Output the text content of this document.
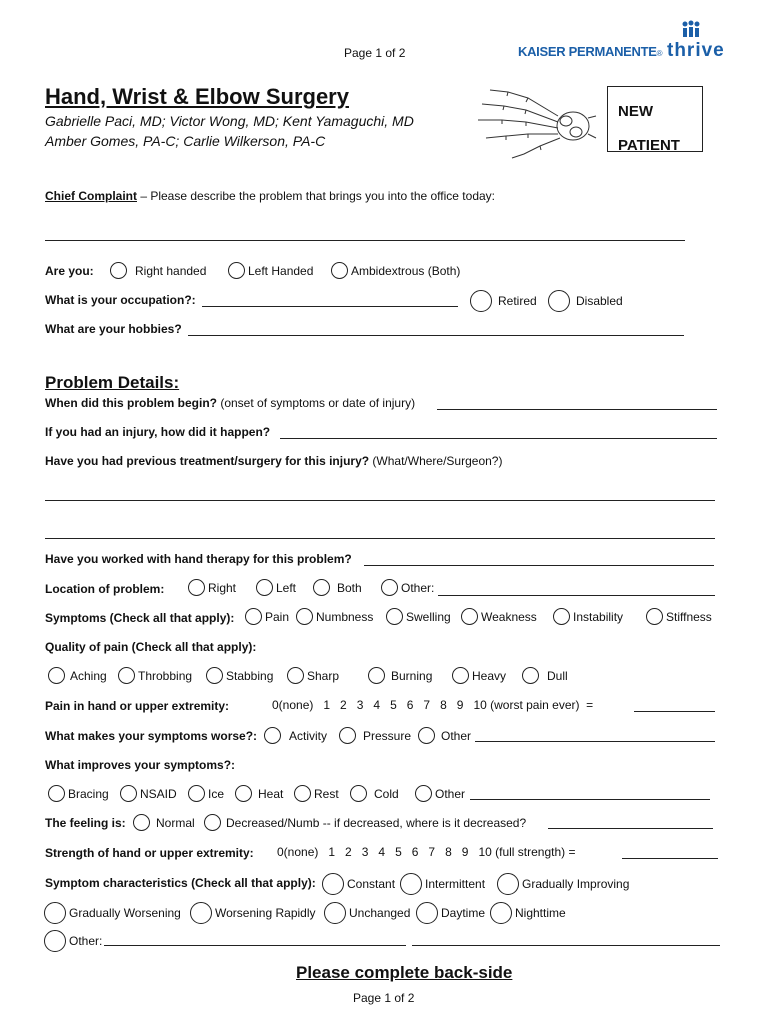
Page 1 of 2	KAISER PERMANENTE® thrive
Hand, Wrist & Elbow Surgery
Gabrielle Paci, MD; Victor Wong, MD; Kent Yamaguchi, MD
Amber Gomes, PA-C; Carlie Wilkerson, PA-C
NEW
PATIENT
Chief Complaint – Please describe the problem that brings you into the office today:
Are you:	Right handed	Left Handed	Ambidextrous (Both)
What is your occupation?:	Retired	Disabled
What are your hobbies?
Problem Details:
When did this problem begin? (onset of symptoms or date of injury)
If you had an injury, how did it happen?
Have you had previous treatment/surgery for this injury? (What/Where/Surgeon?)
Have you worked with hand therapy for this problem?
Location of problem:	Right	Left	Both	Other:
Symptoms (Check all that apply):	Pain Numbness	Swelling	Weakness	Instability	Stiffness
Quality of pain (Check all that apply):
Aching	Throbbing	Stabbing	Sharp	Burning	Heavy	Dull
Pain in hand or upper extremity:	0(none)   1   2   3   4   5   6   7   8   9   10 (worst pain ever)  =
What makes your symptoms worse?:	Activity	Pressure Other
What improves your symptoms?:
Bracing	NSAID	Ice	Heat	Rest	Cold	Other
The feeling is:	Normal	Decreased/Numb -- if decreased, where is it decreased?
Strength of hand or upper extremity: 0(none)   1   2   3   4   5   6   7   8   9   10 (full strength) =
Symptom characteristics (Check all that apply):	Constant Intermittent	Gradually Improving
Gradually Worsening	Worsening Rapidly	Unchanged	Daytime Nighttime
Other:
Please complete back-side
Page 1 of 2
